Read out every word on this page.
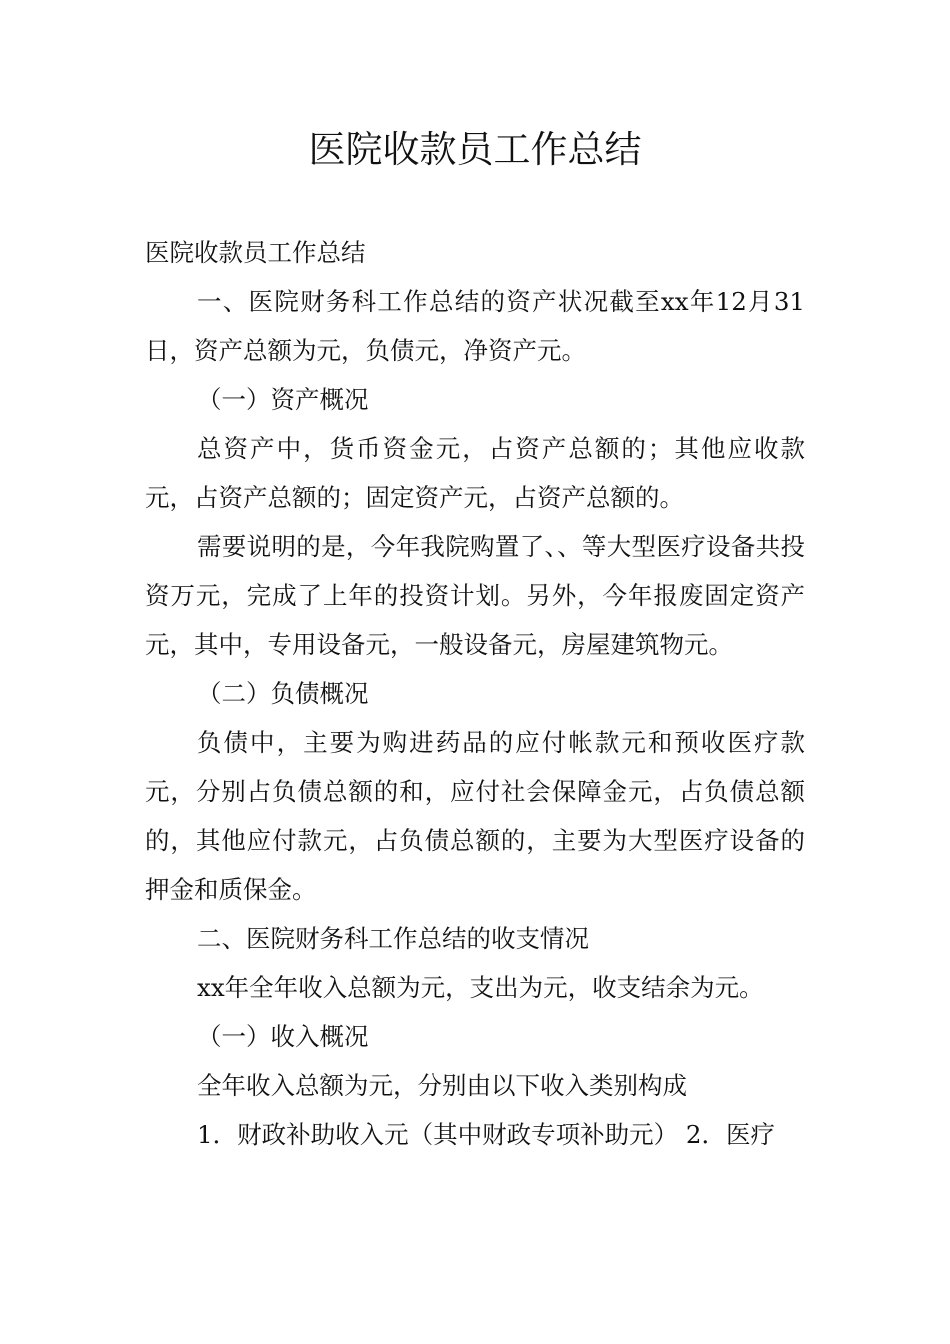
医院收款员工作总结

医院收款员工作总结

一、医院财务科工作总结的资产状况截至xx年12月31日，资产总额为元，负债元，净资产元。

（一）资产概况

总资产中，货币资金元，占资产总额的；其他应收款元，占资产总额的；固定资产元，占资产总额的。

需要说明的是，今年我院购置了、、等大型医疗设备共投资万元，完成了上年的投资计划。另外，今年报废固定资产元，其中，专用设备元，一般设备元，房屋建筑物元。

（二）负债概况

负债中，主要为购进药品的应付帐款元和预收医疗款元，分别占负债总额的和，应付社会保障金元，占负债总额的，其他应付款元，占负债总额的，主要为大型医疗设备的押金和质保金。

二、医院财务科工作总结的收支情况

xx年全年收入总额为元，支出为元，收支结余为元。

（一）收入概况

全年收入总额为元，分别由以下收入类别构成

1．财政补助收入元（其中财政专项补助元） 2．医疗
